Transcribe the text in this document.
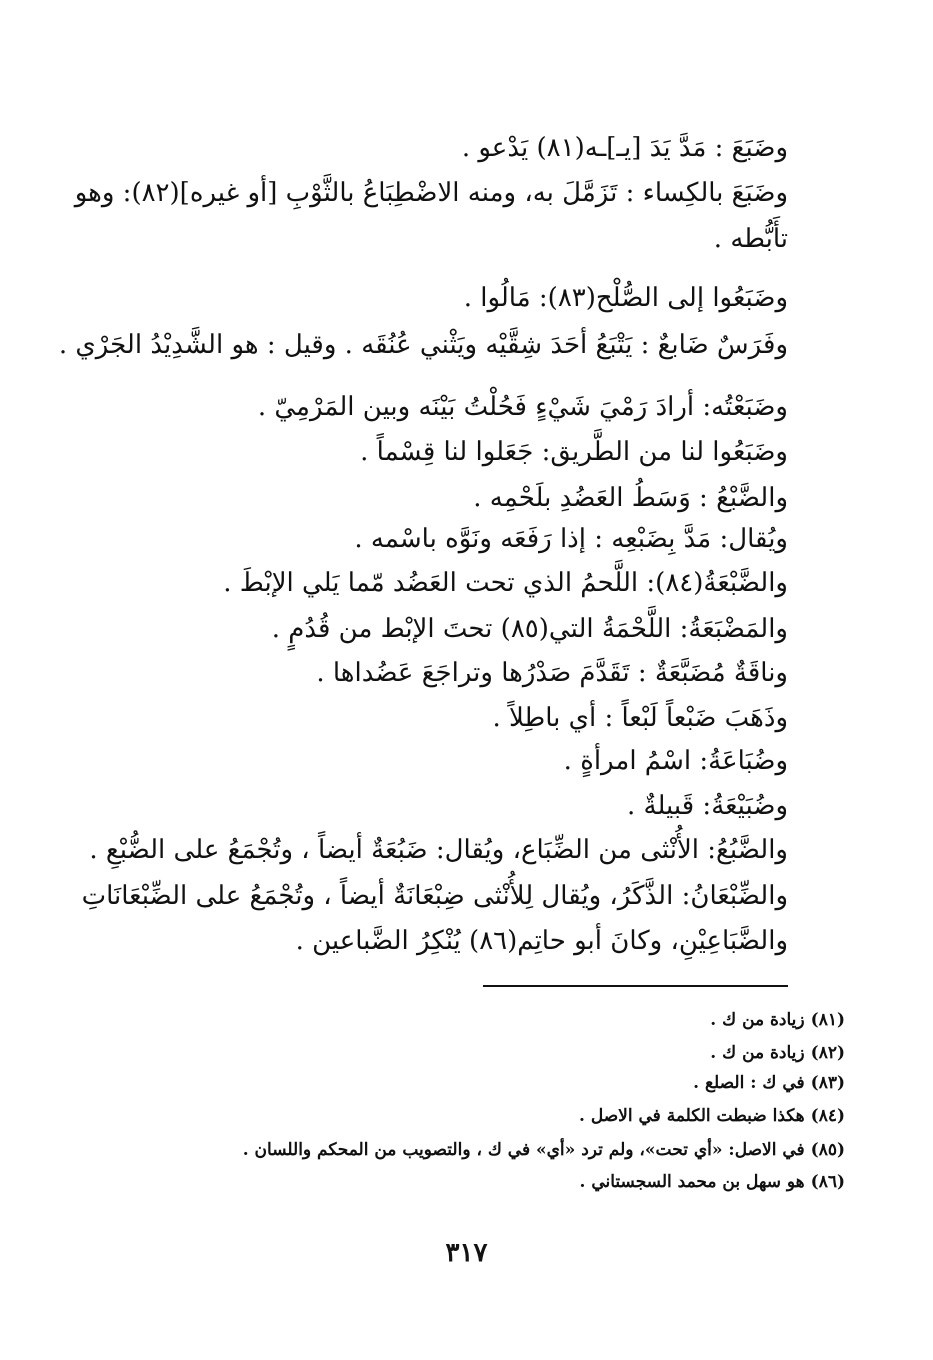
وضَبَعَ : مَدَّ يَدَ [يـ]ـه(٨١) يَدْعو .
وضَبَعَ بالكِساء : تَزَمَّلَ به، ومنه الاضْطِبَاعُ بالثَّوْبِ [أو غيره](٨٢): وهو
تأَبُّطه .
وضَبَعُوا إلى الصُّلْح(٨٣): مَالُوا .
وفَرَسٌ ضَابعٌ : يَتْبَعُ أحَدَ شِقَّيْه ويَثْني عُنُقَه . وقيل : هو الشَّدِيْدُ الجَرْي .
وضَبَعْتُه: أرادَ رَمْيَ شَيْءٍ فَحُلْتُ بَيْنَه وبين المَرْمِيّ .
وضَبَعُوا لنا من الطَّريق: جَعَلوا لنا قِسْماً .
والضَّبْعُ : وَسَطُ العَضُدِ بلَحْمِه .
ويُقال: مَدَّ بِضَبْعِه : إذا رَفَعَه ونَوَّه باسْمه .
والضَّبْعَةُ(٨٤): اللَّحمُ الذي تحت العَضُد مّما يَلي الإبْطَ .
والمَضْبَعَةُ: اللَّحْمَةُ التي(٨٥) تحتَ الإبْط من قُدُمٍ .
وناقَةٌ مُضَبَّعَةٌ : تَقَدَّمَ صَدْرُها وتراجَعَ عَضُداها .
وذَهَبَ ضَبْعاً لَبْعاً : أي باطِلاً .
وضُبَاعَةُ: اسْمُ امرأةٍ .
وضُبَيْعَةُ: قَبيلةٌ .
والضَّبُعُ: الأُنْثى من الضِّبَاع، ويُقال: ضَبُعَةٌ أيضاً ، وتُجْمَعُ على الضُّبْعِ .
والضِّبْعَانُ: الذَّكَرُ، ويُقال لِلأُنْثى ضِبْعَانَةٌ أيضاً ، وتُجْمَعُ على الضِّبْعَانَاتِ
والضَّبَاعِيْنِ، وكانَ أبو حاتِم(٨٦) يُنْكِرُ الضَّباعين .
(٨١)زيادة من ك .
(٨٢)زيادة من ك .
(٨٣)في ك : الصلع .
(٨٤)هكذا ضبطت الكلمة في الاصل .
(٨٥)في الاصل: «أي تحت»، ولم ترد «أي» في ك ، والتصويب من المحكم واللسان .
(٨٦)هو سهل بن محمد السجستاني .
٣١٧
